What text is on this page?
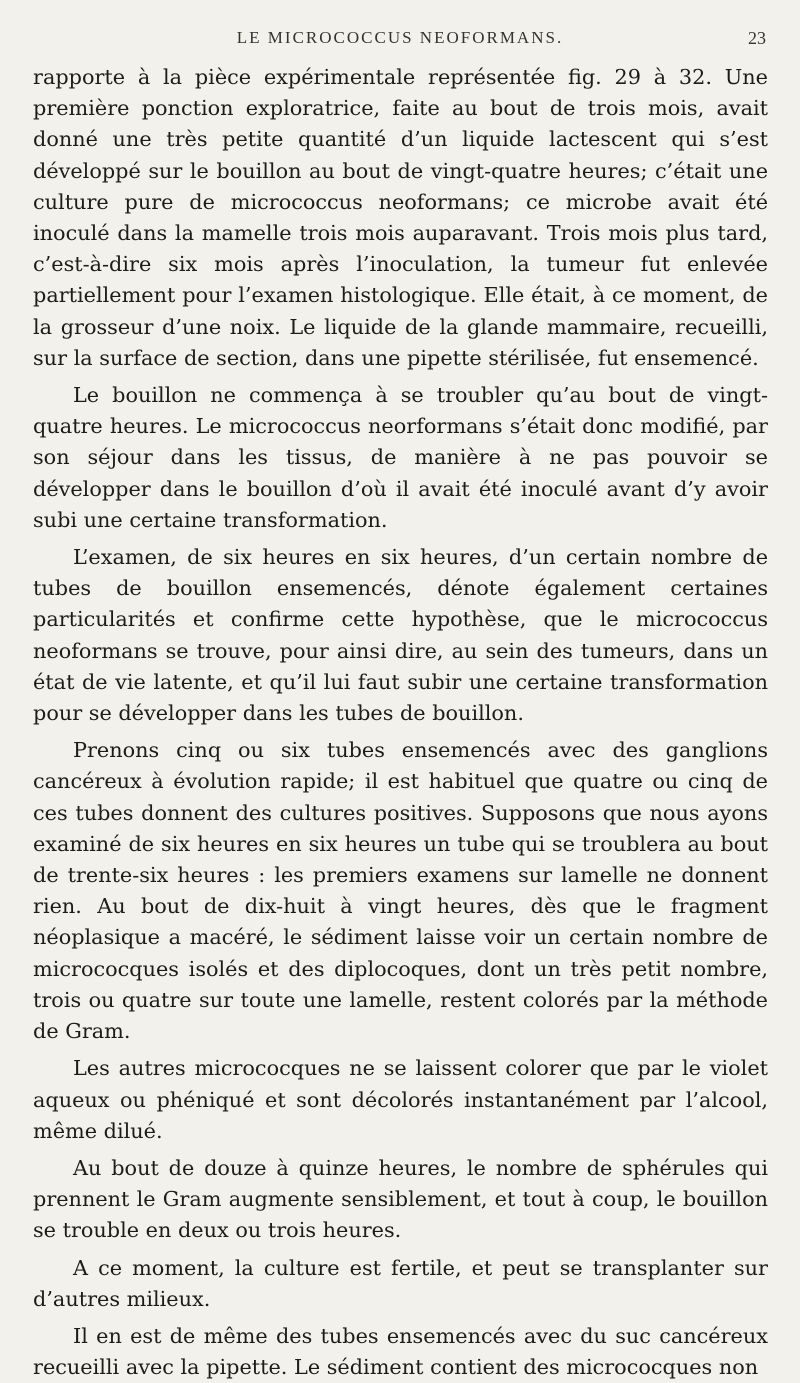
LE MICROCOCCUS NEOFORMANS.	23

rapporte à la pièce expérimentale représentée fig. 29 à 32. Une première ponction exploratrice, faite au bout de trois mois, avait donné une très petite quantité d’un liquide lactescent qui s’est développé sur le bouillon au bout de vingt-quatre heures; c’était une culture pure de micrococcus neoformans; ce microbe avait été inoculé dans la mamelle trois mois auparavant. Trois mois plus tard, c’est-à-dire six mois après l’inoculation, la tumeur fut enlevée partiellement pour l’examen histologique. Elle était, à ce moment, de la grosseur d’une noix. Le liquide de la glande mammaire, recueilli, sur la surface de section, dans une pipette stérilisée, fut ensemencé.

Le bouillon ne commença à se troubler qu’au bout de vingt-quatre heures. Le micrococcus neorformans s’était donc modifié, par son séjour dans les tissus, de manière à ne pas pouvoir se développer dans le bouillon d’où il avait été inoculé avant d’y avoir subi une certaine transformation.

L’examen, de six heures en six heures, d’un certain nombre de tubes de bouillon ensemencés, dénote également certaines particularités et confirme cette hypothèse, que le micrococcus neoformans se trouve, pour ainsi dire, au sein des tumeurs, dans un état de vie latente, et qu’il lui faut subir une certaine transformation pour se développer dans les tubes de bouillon.

Prenons cinq ou six tubes ensemencés avec des ganglions cancéreux à évolution rapide; il est habituel que quatre ou cinq de ces tubes donnent des cultures positives. Supposons que nous ayons examiné de six heures en six heures un tube qui se troublera au bout de trente-six heures : les premiers examens sur lamelle ne donnent rien. Au bout de dix-huit à vingt heures, dès que le fragment néoplasique a macéré, le sédiment laisse voir un certain nombre de micrococques isolés et des diplocoques, dont un très petit nombre, trois ou quatre sur toute une lamelle, restent colorés par la méthode de Gram.

Les autres micrococques ne se laissent colorer que par le violet aqueux ou phéniqué et sont décolorés instantanément par l’alcool, même dilué.

Au bout de douze à quinze heures, le nombre de sphérules qui prennent le Gram augmente sensiblement, et tout à coup, le bouillon se trouble en deux ou trois heures.

A ce moment, la culture est fertile, et peut se transplanter sur d’autres milieux.

Il en est de même des tubes ensemencés avec du suc cancéreux recueilli avec la pipette. Le sédiment contient des micrococques non
